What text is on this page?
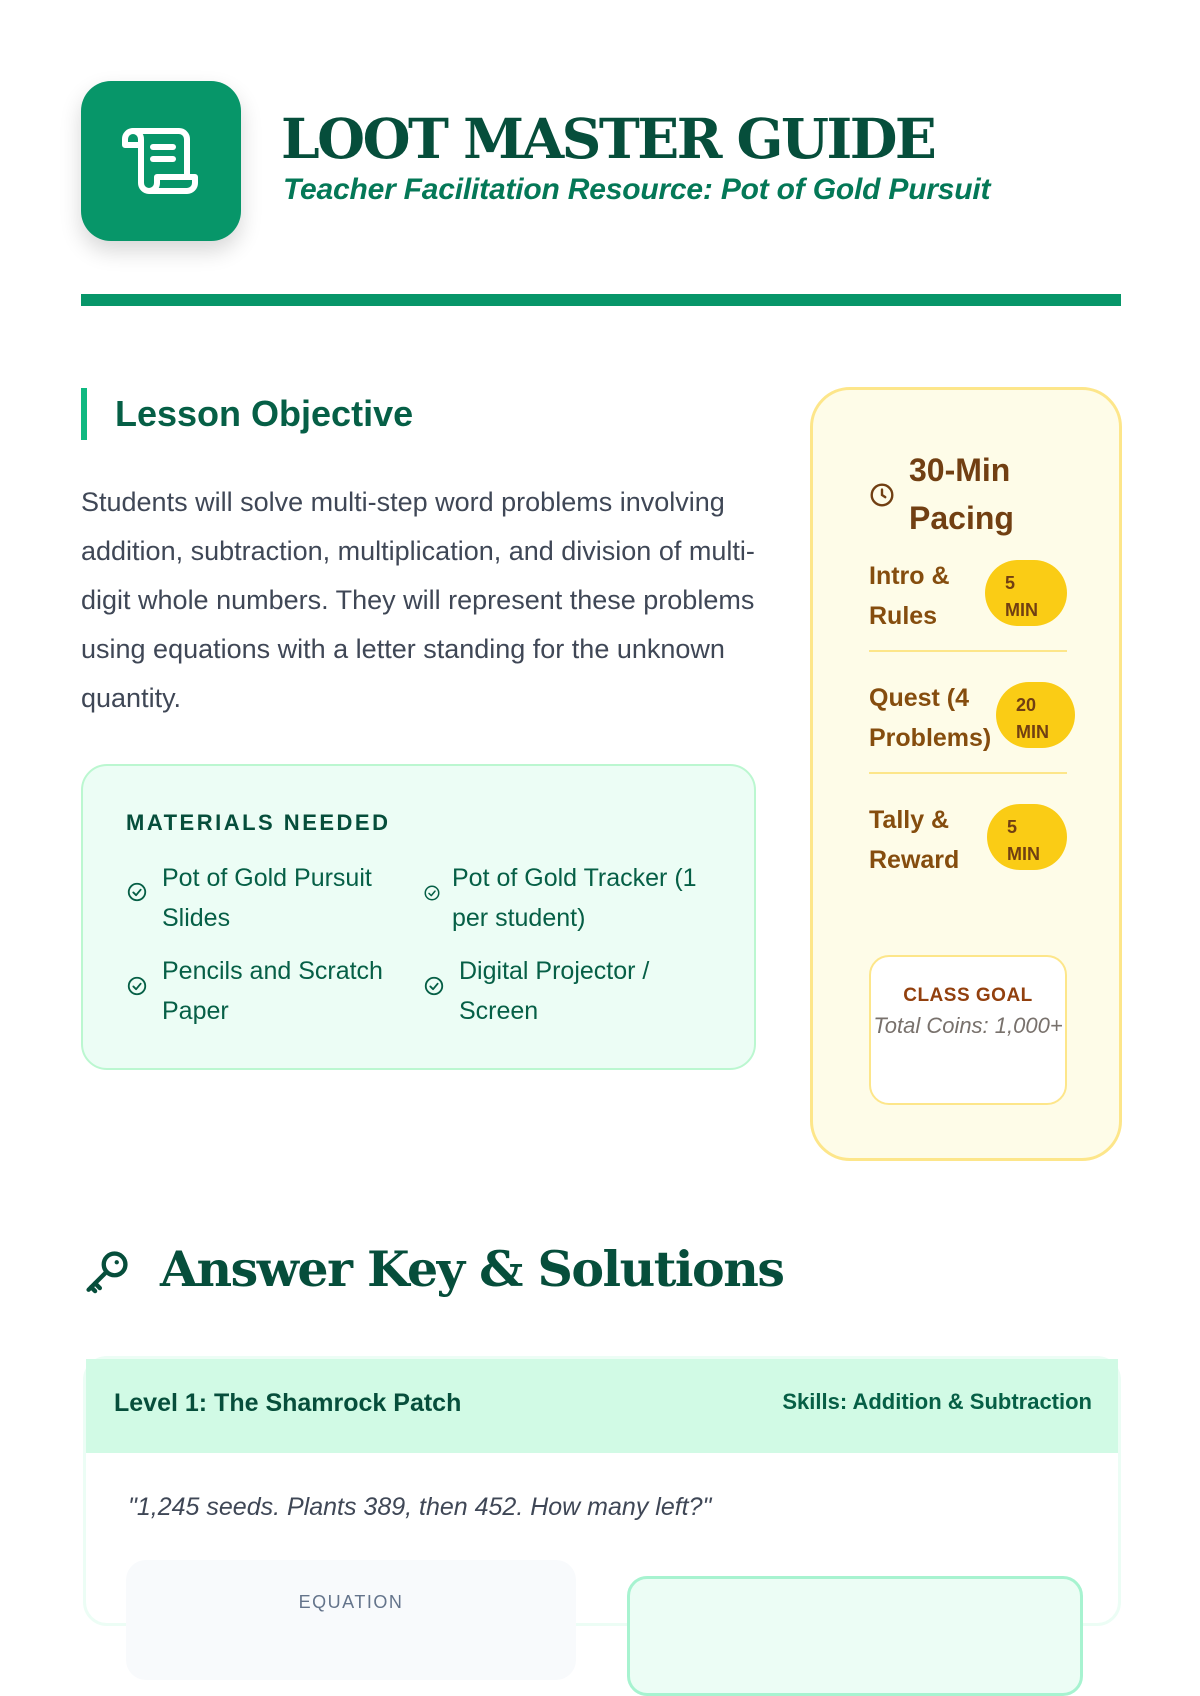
LOOT MASTER GUIDE
Teacher Facilitation Resource: Pot of Gold Pursuit
Lesson Objective

Students will solve multi-step word problems involving addition, subtraction, multiplication, and division of multi-digit whole numbers. They will represent these problems using equations with a letter standing for the unknown quantity.

MATERIALS NEEDED
Pot of Gold Pursuit Slides
Pot of Gold Tracker (1 per student)
Pencils and Scratch Paper
Digital Projector / Screen
30-Min Pacing
Intro & Rules
5
MIN
Quest (4 Problems)
20
MIN
Tally & Reward
5
MIN
CLASS GOAL
Total Coins: 1,000+
Answer Key & Solutions
Level 1: The Shamrock Patch	Skills: Addition & Subtraction
"1,245 seeds. Plants 389, then 452. How many left?"
EQUATION
